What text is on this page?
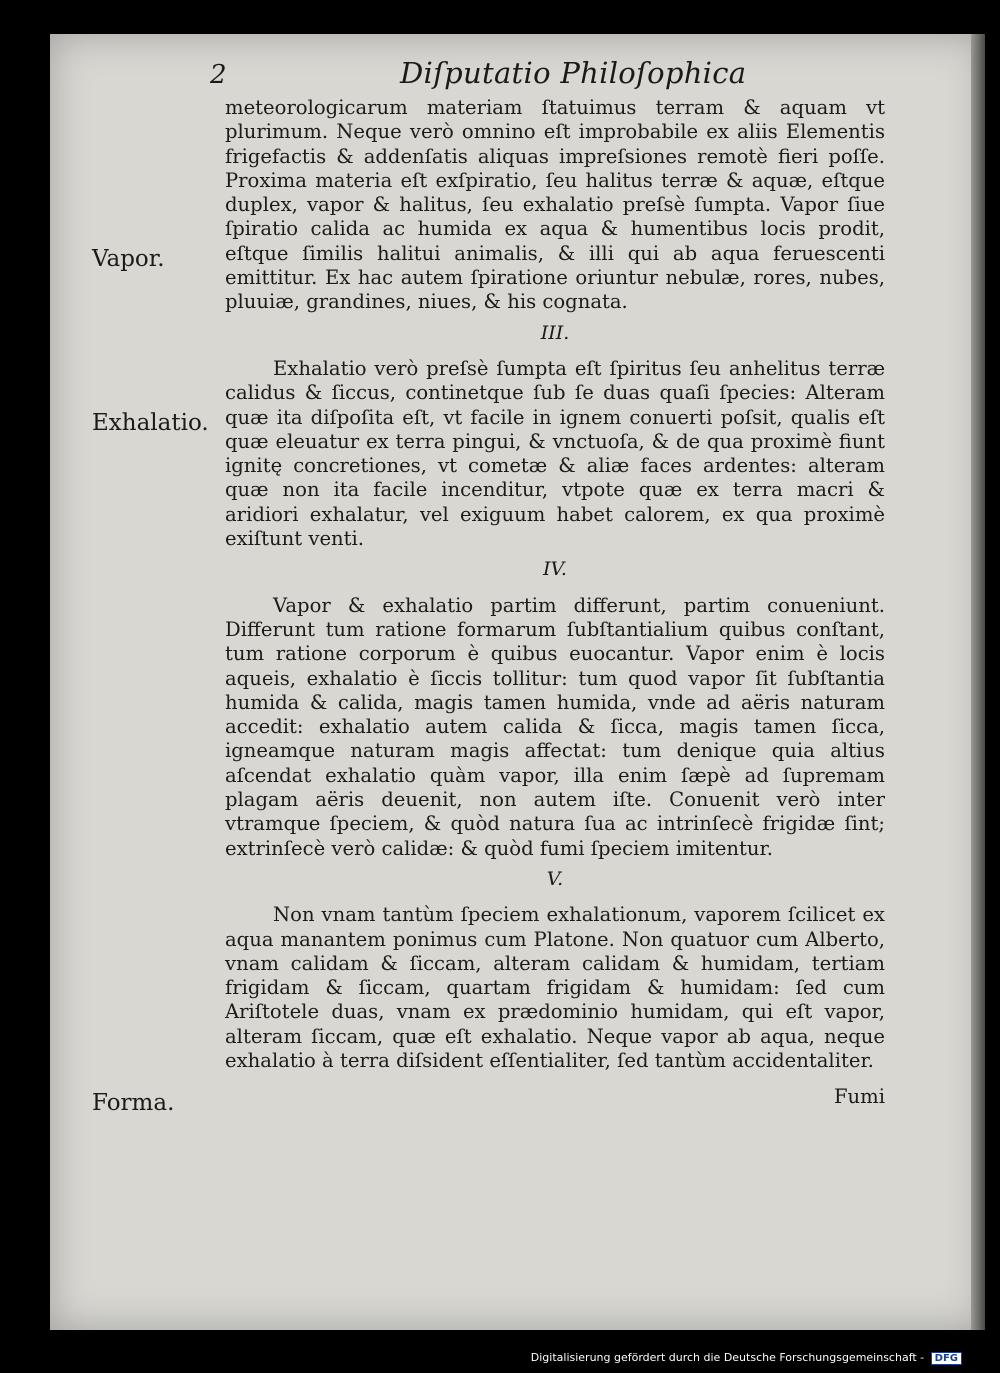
2	Diſputatio Philoſophica
Vapor.
Exhalatio.
Forma.

meteorologicarum materiam ſtatuimus terram & aquam vt plurimum. Neque verò omnino eſt improbabile ex aliis Elementis frigefactis & addenſatis aliquas impreſsiones remotè fieri poſſe. Proxima materia eſt exſpiratio, ſeu halitus terræ & aquæ, eſtque duplex, vapor & halitus, ſeu exhalatio preſsè ſumpta. Vapor ſiue ſpiratio calida ac humida ex aqua & humentibus locis prodit, eſtque ſimilis halitui animalis, & illi qui ab aqua feruescenti emittitur. Ex hac autem ſpiratione oriuntur nebulæ, rores, nubes, pluuiæ, grandines, niues, & his cognata.

III.

Exhalatio verò preſsè ſumpta eſt ſpiritus ſeu anhelitus terræ calidus & ſiccus, continetque ſub ſe duas quaſi ſpecies: Alteram quæ ita diſpoſita eſt, vt facile in ignem conuerti poſsit, qualis eſt quæ eleuatur ex terra pingui, & vnctuoſa, & de qua proximè fiunt ignitę concretiones, vt cometæ & aliæ faces ardentes: alteram quæ non ita facile incenditur, vtpote quæ ex terra macri & aridiori exhalatur, vel exiguum habet calorem, ex qua proximè exiſtunt venti.

IV.

Vapor & exhalatio partim differunt, partim conueniunt. Differunt tum ratione formarum ſubſtantialium quibus conſtant, tum ratione corporum è quibus euocantur. Vapor enim è locis aqueis, exhalatio è ſiccis tollitur: tum quod vapor ſit ſubſtantia humida & calida, magis tamen humida, vnde ad aëris naturam accedit: exhalatio autem calida & ſicca, magis tamen ſicca, igneamque naturam magis affectat: tum denique quia altius aſcendat exhalatio quàm vapor, illa enim ſæpè ad ſupremam plagam aëris deuenit, non autem iſte. Conuenit verò inter vtramque ſpeciem, & quòd natura ſua ac intrinſecè frigidæ ſint; extrinſecè verò calidæ: & quòd fumi ſpeciem imitentur.

V.

Non vnam tantùm ſpeciem exhalationum, vaporem ſcilicet ex aqua manantem ponimus cum Platone. Non quatuor cum Alberto, vnam calidam & ſiccam, alteram calidam & humidam, tertiam frigidam & ſiccam, quartam frigidam & humidam: ſed cum Ariſtotele duas, vnam ex prædominio humidam, qui eſt vapor, alteram ſiccam, quæ eſt exhalatio. Neque vapor ab aqua, neque exhalatio à terra diſsident eſſentialiter, ſed tantùm accidentaliter.

Fumi
Digitalisierung gefördert durch die Deutsche Forschungsgemeinschaft - DFG
